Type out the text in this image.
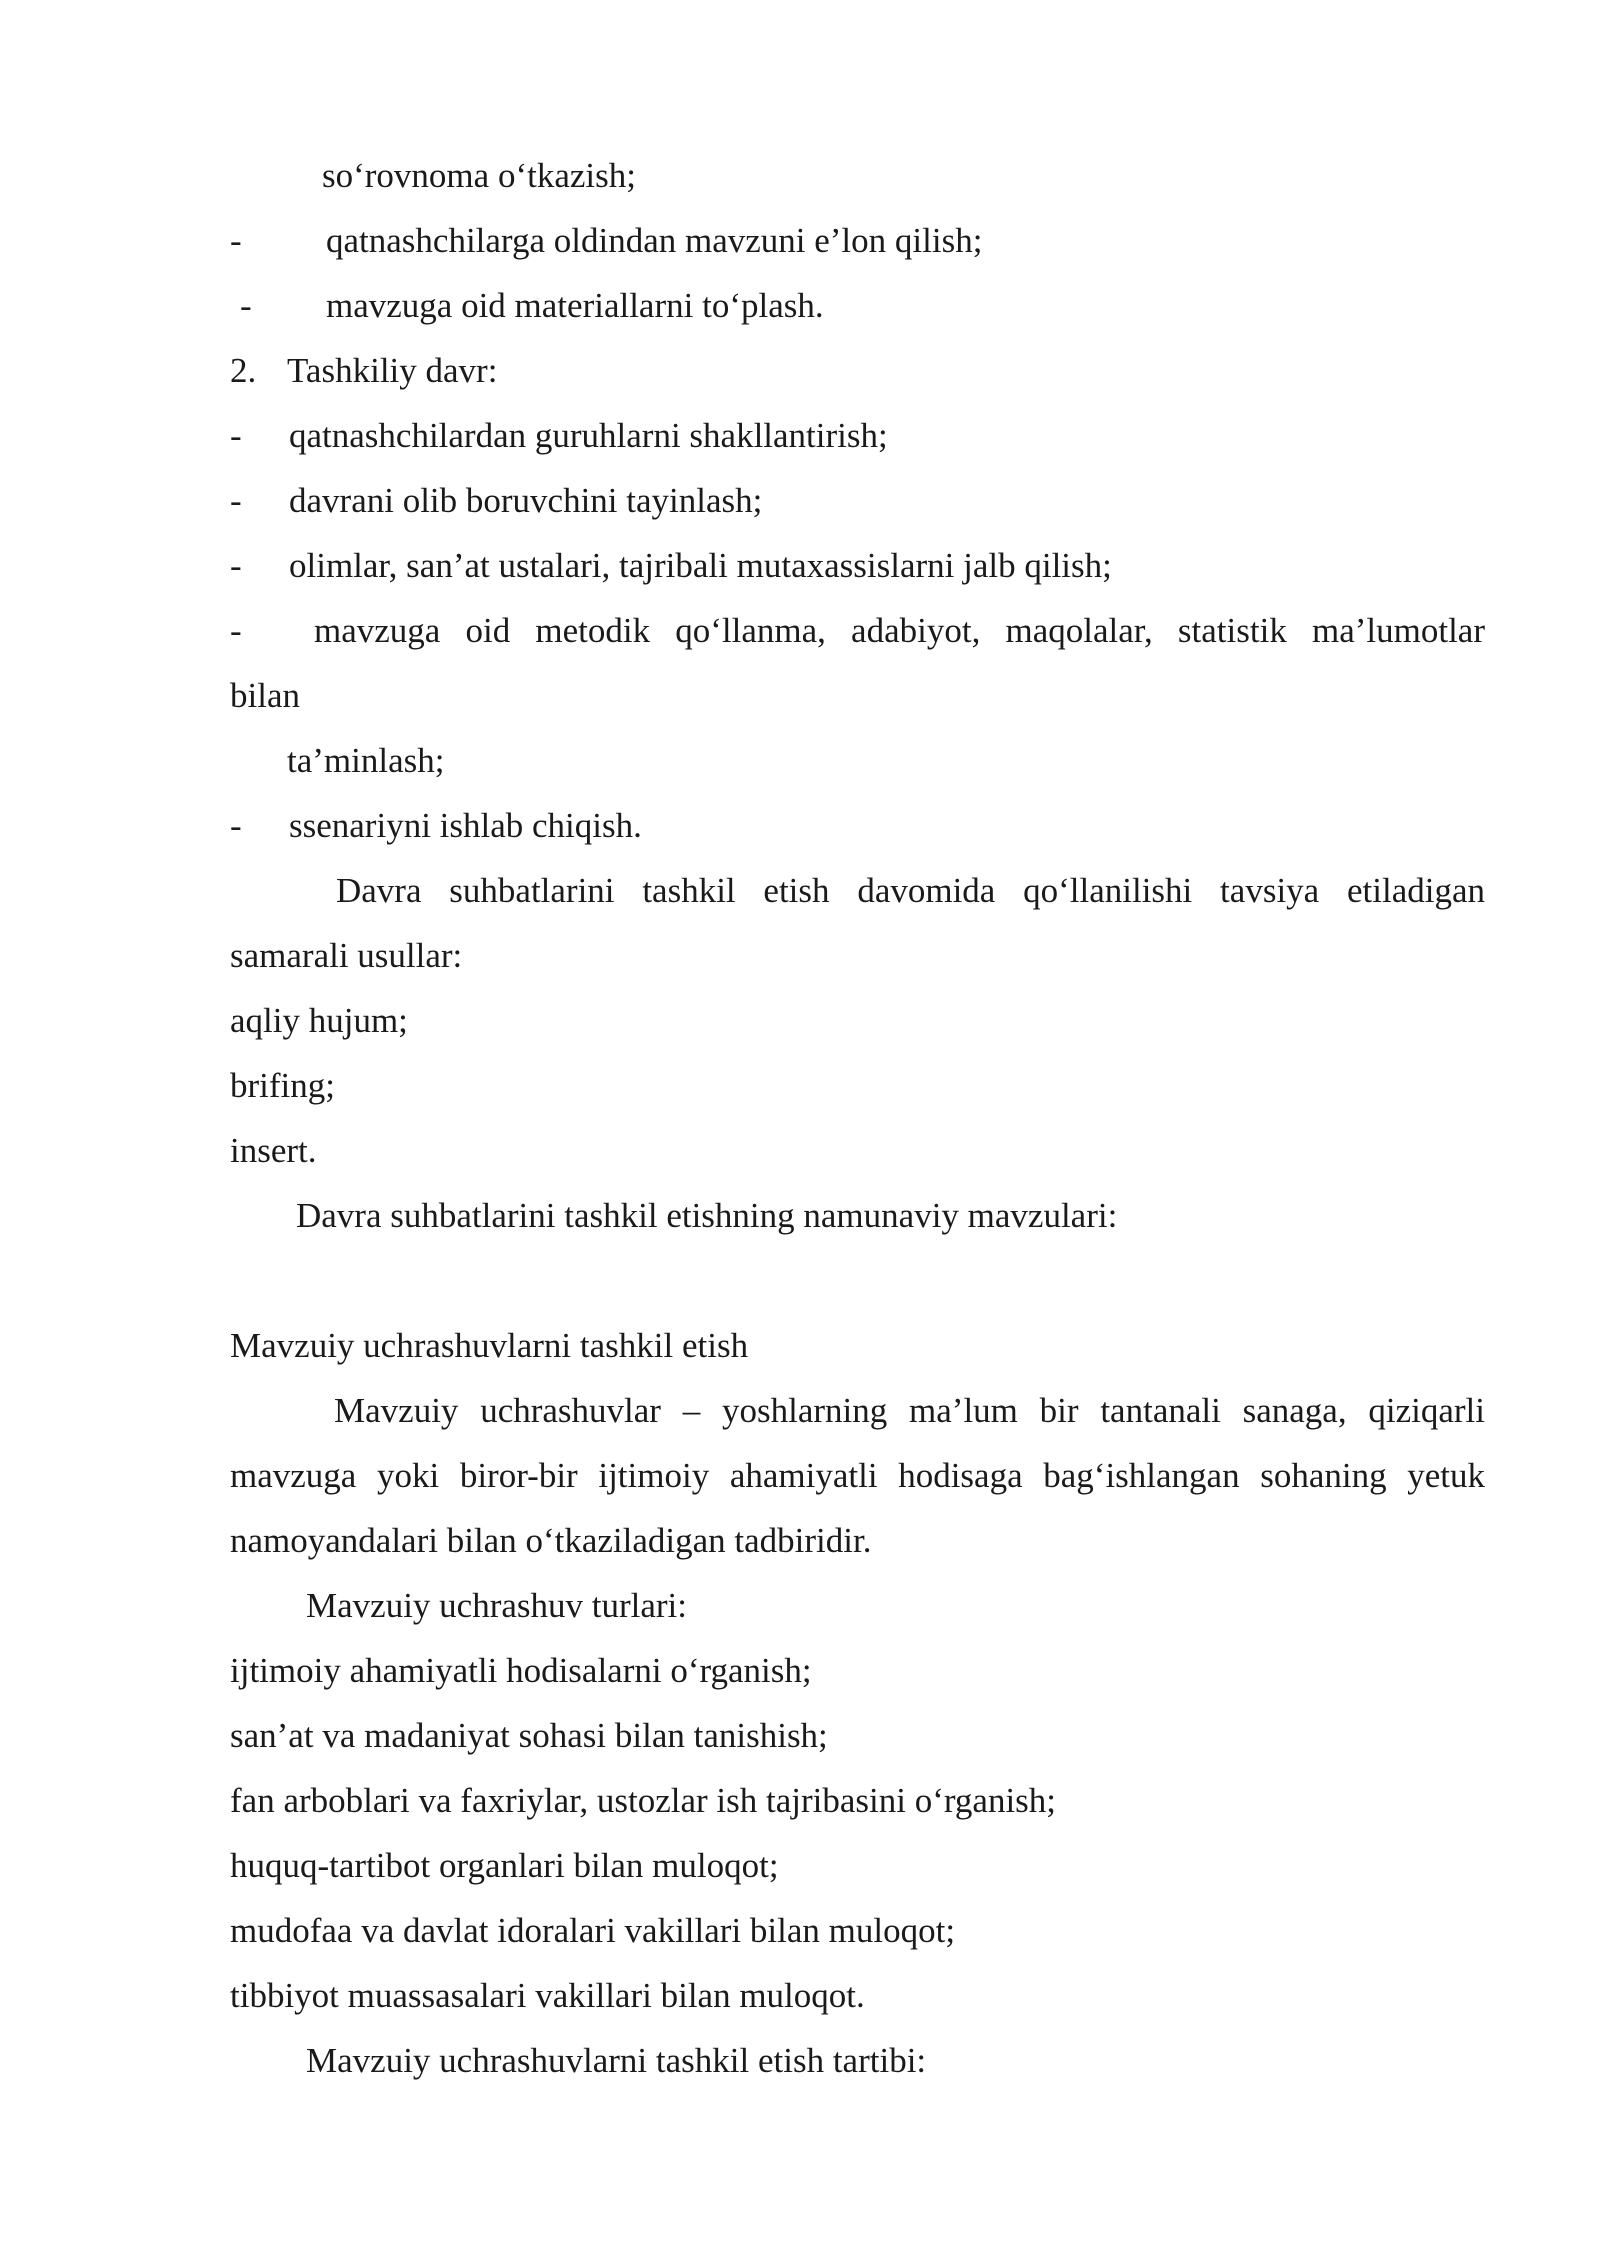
so‘rovnoma o‘tkazish;

- qatnashchilarga oldindan mavzuni e’lon qilish;

- mavzuga oid materiallarni to‘plash.

2. Tashkiliy davr:

- qatnashchilardan guruhlarni shakllantirish;

- davrani olib boruvchini tayinlash;

- olimlar, san’at ustalari, tajribali mutaxassislarni jalb qilish;

- mavzuga oid metodik qo‘llanma, adabiyot, maqolalar, statistik ma’lumotlar

bilan

ta’minlash;

- ssenariyni ishlab chiqish.

Davra suhbatlarini tashkil etish davomida qo‘llanilishi tavsiya etiladigan

samarali usullar:

aqliy hujum;

brifing;

insert.

Davra suhbatlarini tashkil etishning namunaviy mavzulari:

Mavzuiy uchrashuvlarni tashkil etish

Mavzuiy uchrashuvlar – yoshlarning ma’lum bir tantanali sanaga, qiziqarli

mavzuga yoki biror-bir ijtimoiy ahamiyatli hodisaga bag‘ishlangan sohaning yetuk

namoyandalari bilan o‘tkaziladigan tadbiridir.

Mavzuiy uchrashuv turlari:

ijtimoiy ahamiyatli hodisalarni o‘rganish;

san’at va madaniyat sohasi bilan tanishish;

fan arboblari va faxriylar, ustozlar ish tajribasini o‘rganish;

huquq-tartibot organlari bilan muloqot;

mudofaa va davlat idoralari vakillari bilan muloqot;

tibbiyot muassasalari vakillari bilan muloqot.

Mavzuiy uchrashuvlarni tashkil etish tartibi:
